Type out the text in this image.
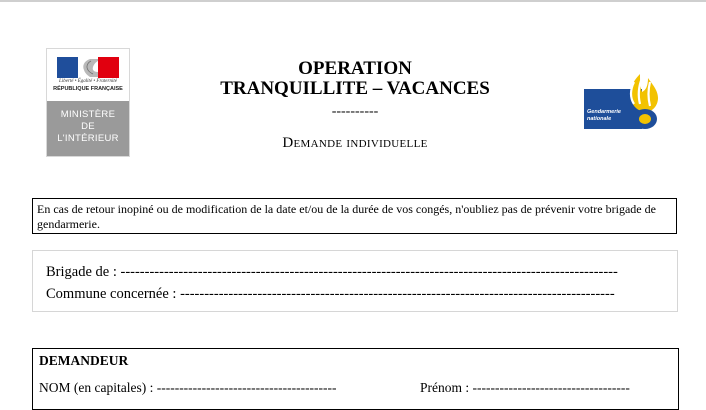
Liberté • Égalité • Fraternité
RÉPUBLIQUE FRANÇAISE
MINISTÈRE
DE
L'INTÉRIEUR
OPERATION
TRANQUILLITE – VACANCES
----------
Demande individuelle
Gendarmerie
nationale
En cas de retour inopiné ou de modification de la date et/ou de la durée de vos congés, n'oubliez pas de prévenir votre brigade de gendarmerie.
Brigade de : -------------------------------------------------------------------------------------------------------
Commune concernée : ------------------------------------------------------------------------------------------
DEMANDEUR
NOM (en capitales) : ----------------------------------------	Prénom : -----------------------------------
